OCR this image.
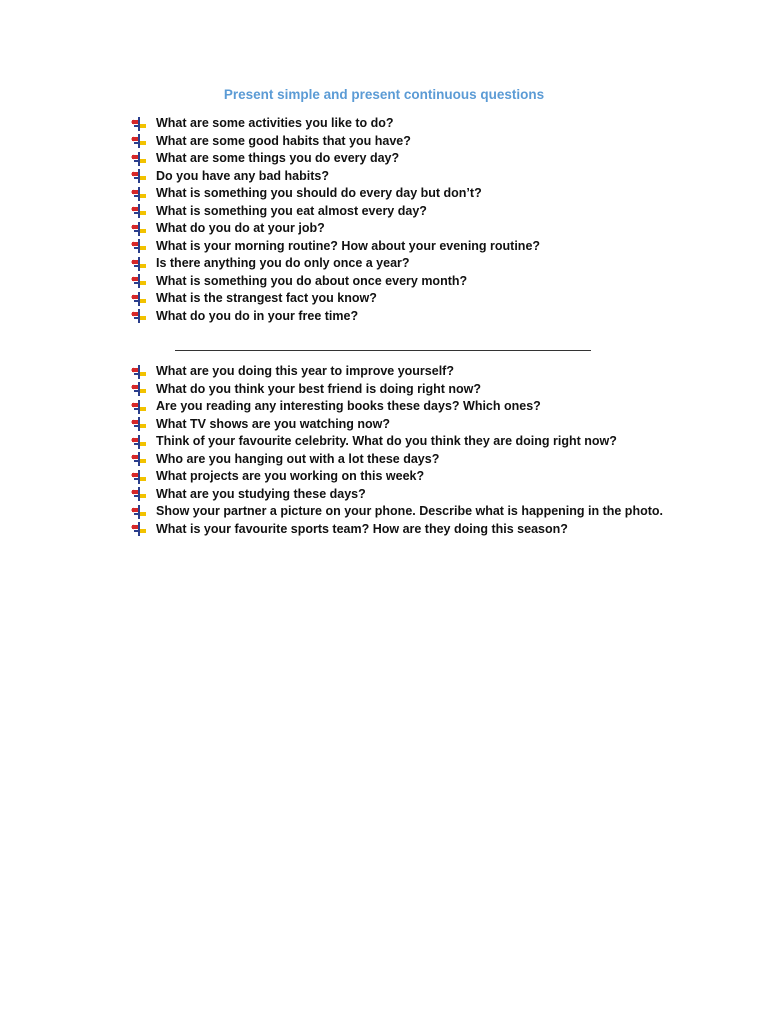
Present simple and present continuous questions
What are some activities you like to do?
What are some good habits that you have?
What are some things you do every day?
Do you have any bad habits?
What is something you should do every day but don’t?
What is something you eat almost every day?
What do you do at your job?
What is your morning routine? How about your evening routine?
Is there anything you do only once a year?
What is something you do about once every month?
What is the strangest fact you know?
What do you do in your free time?
What are you doing this year to improve yourself?
What do you think your best friend is doing right now?
Are you reading any interesting books these days? Which ones?
What TV shows are you watching now?
Think of your favourite celebrity. What do you think they are doing right now?
Who are you hanging out with a lot these days?
What projects are you working on this week?
What are you studying these days?
Show your partner a picture on your phone. Describe what is happening in the photo.
What is your favourite sports team? How are they doing this season?
